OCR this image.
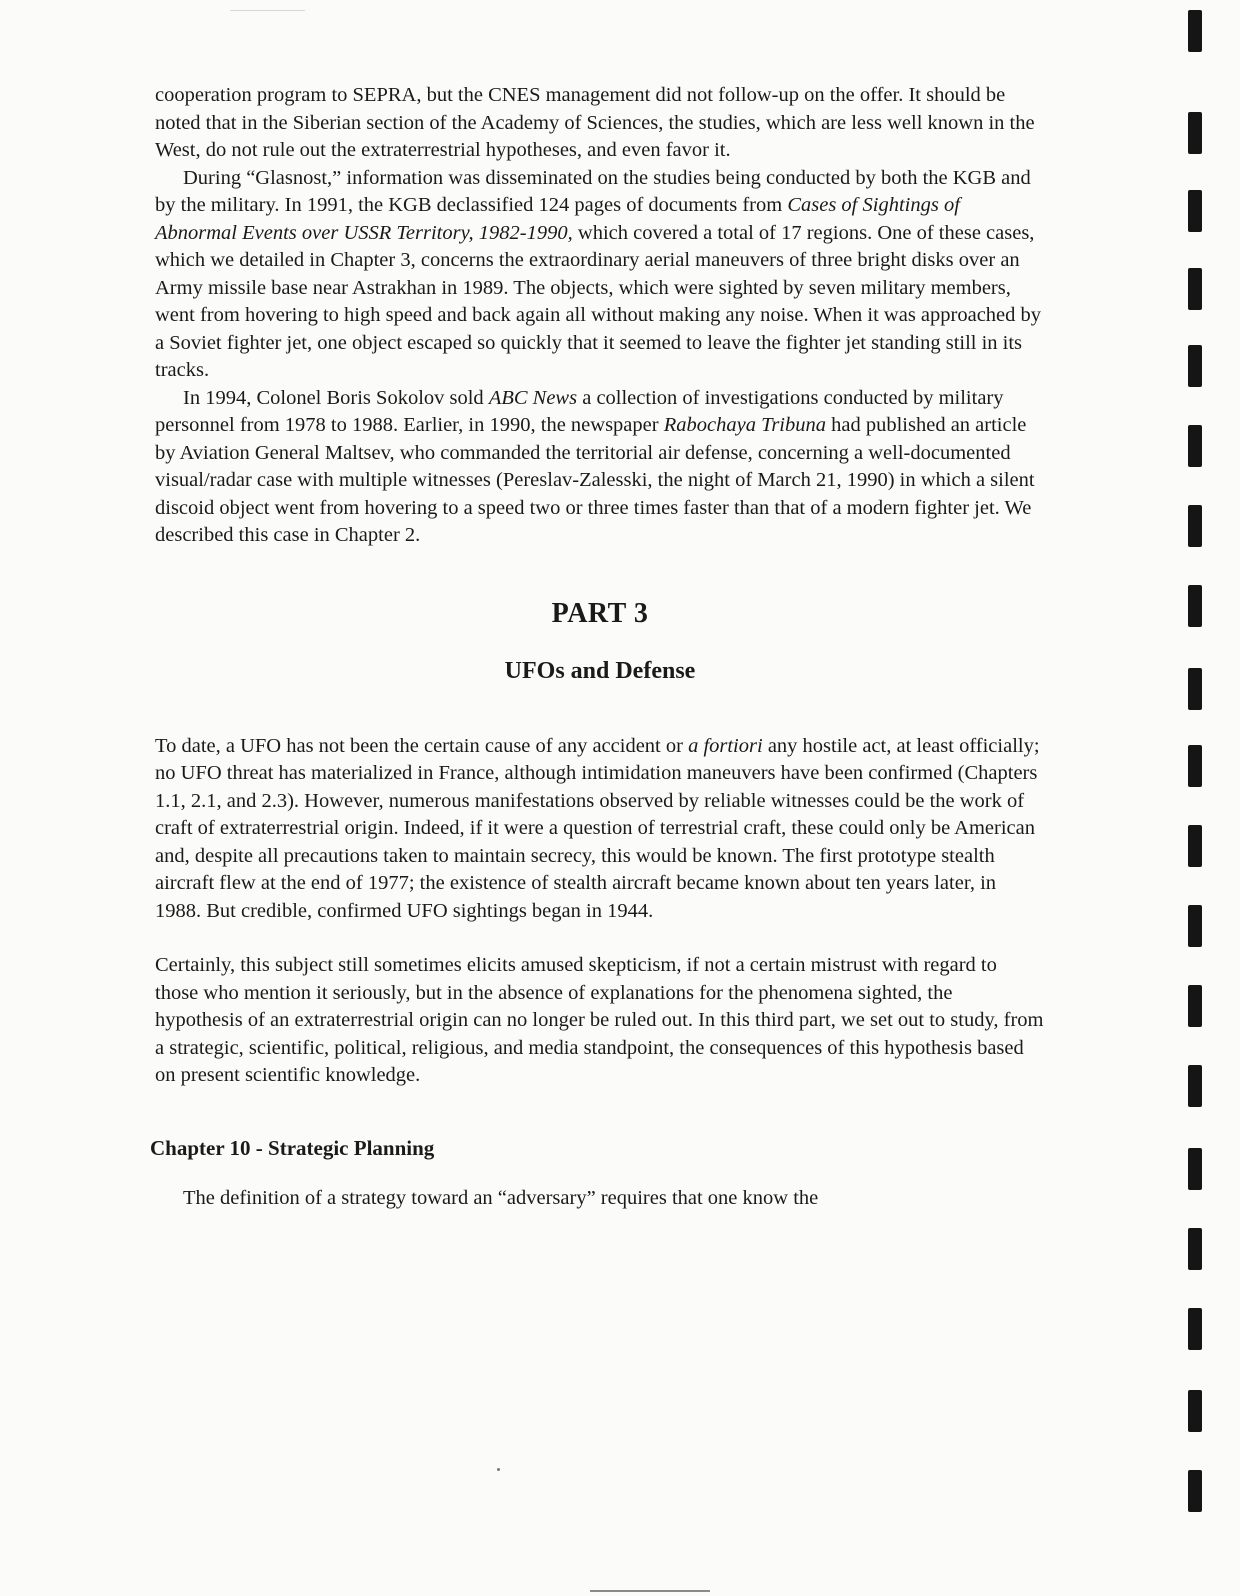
cooperation program to SEPRA, but the CNES management did not follow-up on the offer. It should be noted that in the Siberian section of the Academy of Sciences, the studies, which are less well known in the West, do not rule out the extraterrestrial hypotheses, and even favor it.

During “Glasnost,” information was disseminated on the studies being conducted by both the KGB and by the military. In 1991, the KGB declassified 124 pages of documents from Cases of Sightings of Abnormal Events over USSR Territory, 1982-1990, which covered a total of 17 regions. One of these cases, which we detailed in Chapter 3, concerns the extraordinary aerial maneuvers of three bright disks over an Army missile base near Astrakhan in 1989. The objects, which were sighted by seven military members, went from hovering to high speed and back again all without making any noise. When it was approached by a Soviet fighter jet, one object escaped so quickly that it seemed to leave the fighter jet standing still in its tracks.

In 1994, Colonel Boris Sokolov sold ABC News a collection of investigations conducted by military personnel from 1978 to 1988. Earlier, in 1990, the newspaper Rabochaya Tribuna had published an article by Aviation General Maltsev, who commanded the territorial air defense, concerning a well-documented visual/radar case with multiple witnesses (Pereslav-Zalesski, the night of March 21, 1990) in which a silent discoid object went from hovering to a speed two or three times faster than that of a modern fighter jet. We described this case in Chapter 2.

PART 3
UFOs and Defense

To date, a UFO has not been the certain cause of any accident or a fortiori any hostile act, at least officially; no UFO threat has materialized in France, although intimidation maneuvers have been confirmed (Chapters 1.1, 2.1, and 2.3). However, numerous manifestations observed by reliable witnesses could be the work of craft of extraterrestrial origin. Indeed, if it were a question of terrestrial craft, these could only be American and, despite all precautions taken to maintain secrecy, this would be known. The first prototype stealth aircraft flew at the end of 1977; the existence of stealth aircraft became known about ten years later, in 1988. But credible, confirmed UFO sightings began in 1944.

Certainly, this subject still sometimes elicits amused skepticism, if not a certain mistrust with regard to those who mention it seriously, but in the absence of explanations for the phenomena sighted, the hypothesis of an extraterrestrial origin can no longer be ruled out. In this third part, we set out to study, from a strategic, scientific, political, religious, and media standpoint, the consequences of this hypothesis based on present scientific knowledge.

Chapter 10 - Strategic Planning

The definition of a strategy toward an “adversary” requires that one know the
